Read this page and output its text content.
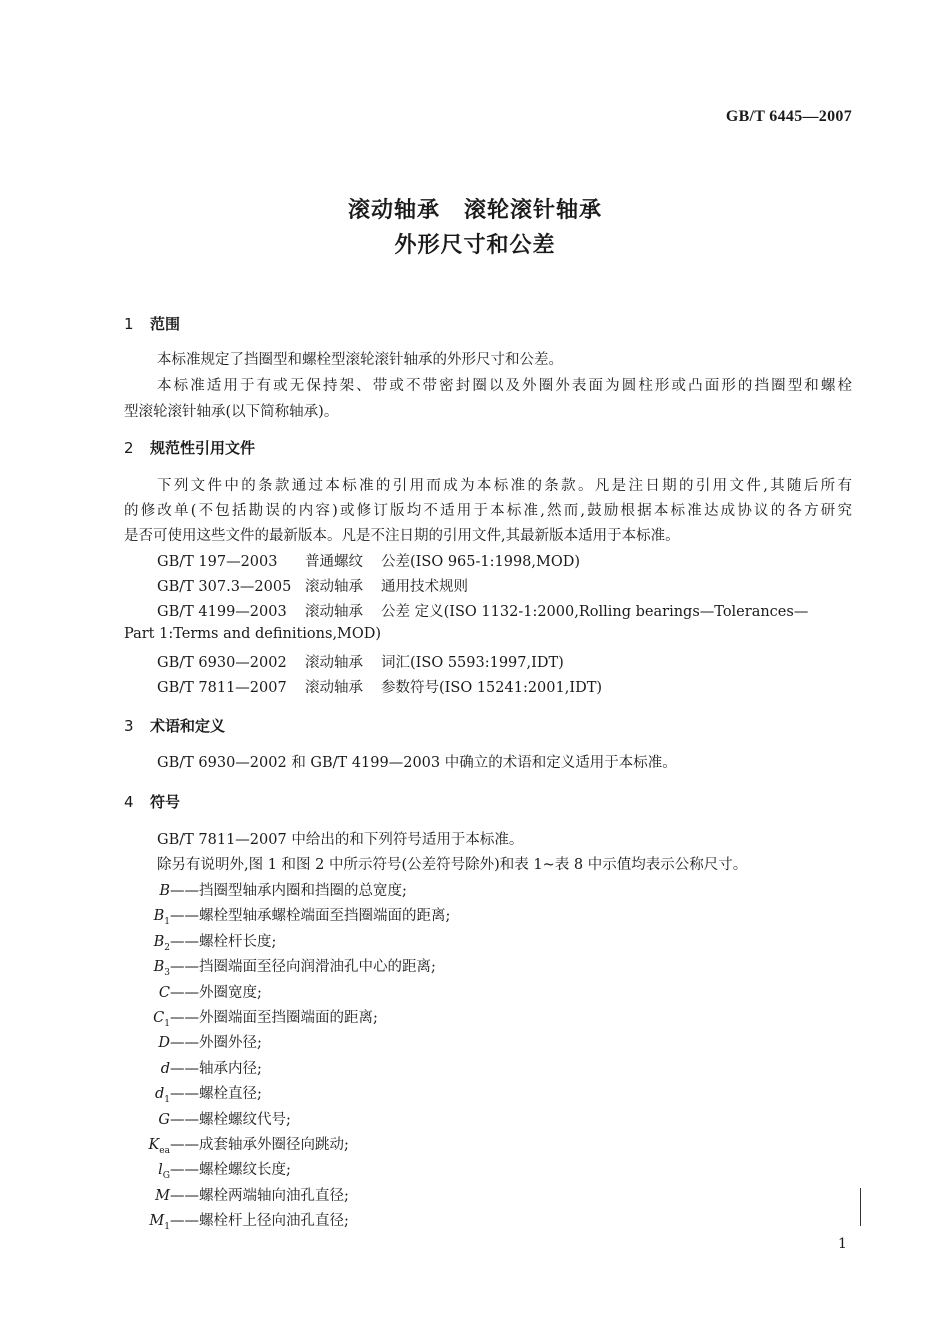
GB/T 6445—2007
滚动轴承 滚轮滚针轴承
外形尺寸和公差
1 范围
本标准规定了挡圈型和螺栓型滚轮滚针轴承的外形尺寸和公差。
本标准适用于有或无保持架、带或不带密封圈以及外圈外表面为圆柱形或凸面形的挡圈型和螺栓
型滚轮滚针轴承(以下简称轴承)。
2 规范性引用文件
下列文件中的条款通过本标准的引用而成为本标准的条款。凡是注日期的引用文件,其随后所有
的修改单(不包括勘误的内容)或修订版均不适用于本标准,然而,鼓励根据本标准达成协议的各方研究
是否可使用这些文件的最新版本。凡是不注日期的引用文件,其最新版本适用于本标准。
GB/T 197—2003 普通螺纹 公差(ISO 965-1:1998,MOD)
GB/T 307.3—2005 滚动轴承 通用技术规则
GB/T 4199—2003 滚动轴承 公差 定义(ISO 1132-1:2000,Rolling bearings—Tolerances—
Part 1:Terms and definitions,MOD)
GB/T 6930—2002 滚动轴承 词汇(ISO 5593:1997,IDT)
GB/T 7811—2007 滚动轴承 参数符号(ISO 15241:2001,IDT)
3 术语和定义
GB/T 6930—2002 和 GB/T 4199—2003 中确立的术语和定义适用于本标准。
4 符号
GB/T 7811—2007 中给出的和下列符号适用于本标准。
除另有说明外,图 1 和图 2 中所示符号(公差符号除外)和表 1~表 8 中示值均表示公称尺寸。
B——挡圈型轴承内圈和挡圈的总宽度;
$B_1——$螺栓型轴承螺栓端面至挡圈端面的距离;
$B_2——$螺栓杆长度;
$B_3——$挡圈端面至径向润滑油孔中心的距离;
C——外圈宽度;
$C_1——$外圈端面至挡圈端面的距离;
D——外圈外径;
d——轴承内径;
$d_1——$螺栓直径;
G——螺栓螺纹代号;
$K_{ea}——$成套轴承外圈径向跳动;
$l_G——$螺栓螺纹长度;
M——螺栓两端轴向油孔直径;
$M_1——$螺栓杆上径向油孔直径;
1
